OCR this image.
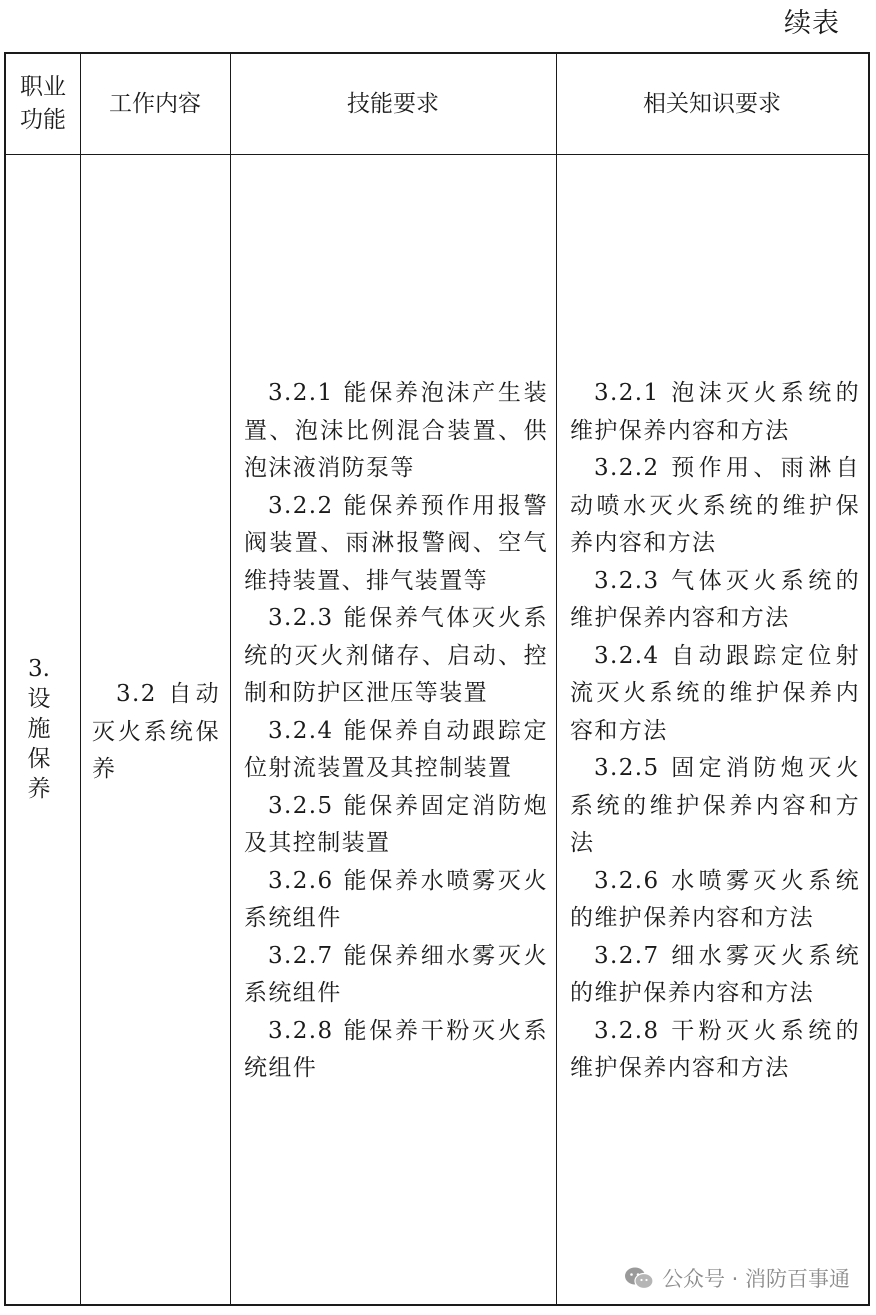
续表
职业功能
工作内容	技能要求	相关知识要求
3. 设施保养
3.2 自动灭火系统保养
3.2.1 能保养泡沫产生装置、泡沫比例混合装置、供泡沫液消防泵等
3.2.2 能保养预作用报警阀装置、雨淋报警阀、空气维持装置、排气装置等
3.2.3 能保养气体灭火系统的灭火剂储存、启动、控制和防护区泄压等装置
3.2.4 能保养自动跟踪定位射流装置及其控制装置
3.2.5 能保养固定消防炮及其控制装置
3.2.6 能保养水喷雾灭火系统组件
3.2.7 能保养细水雾灭火系统组件
3.2.8 能保养干粉灭火系统组件
3.2.1 泡沫灭火系统的维护保养内容和方法
3.2.2 预作用、雨淋自动喷水灭火系统的维护保养内容和方法
3.2.3 气体灭火系统的维护保养内容和方法
3.2.4 自动跟踪定位射流灭火系统的维护保养内容和方法
3.2.5 固定消防炮灭火系统的维护保养内容和方法
3.2.6 水喷雾灭火系统的维护保养内容和方法
3.2.7 细水雾灭火系统的维护保养内容和方法
3.2.8 干粉灭火系统的维护保养内容和方法
公众号 · 消防百事通
